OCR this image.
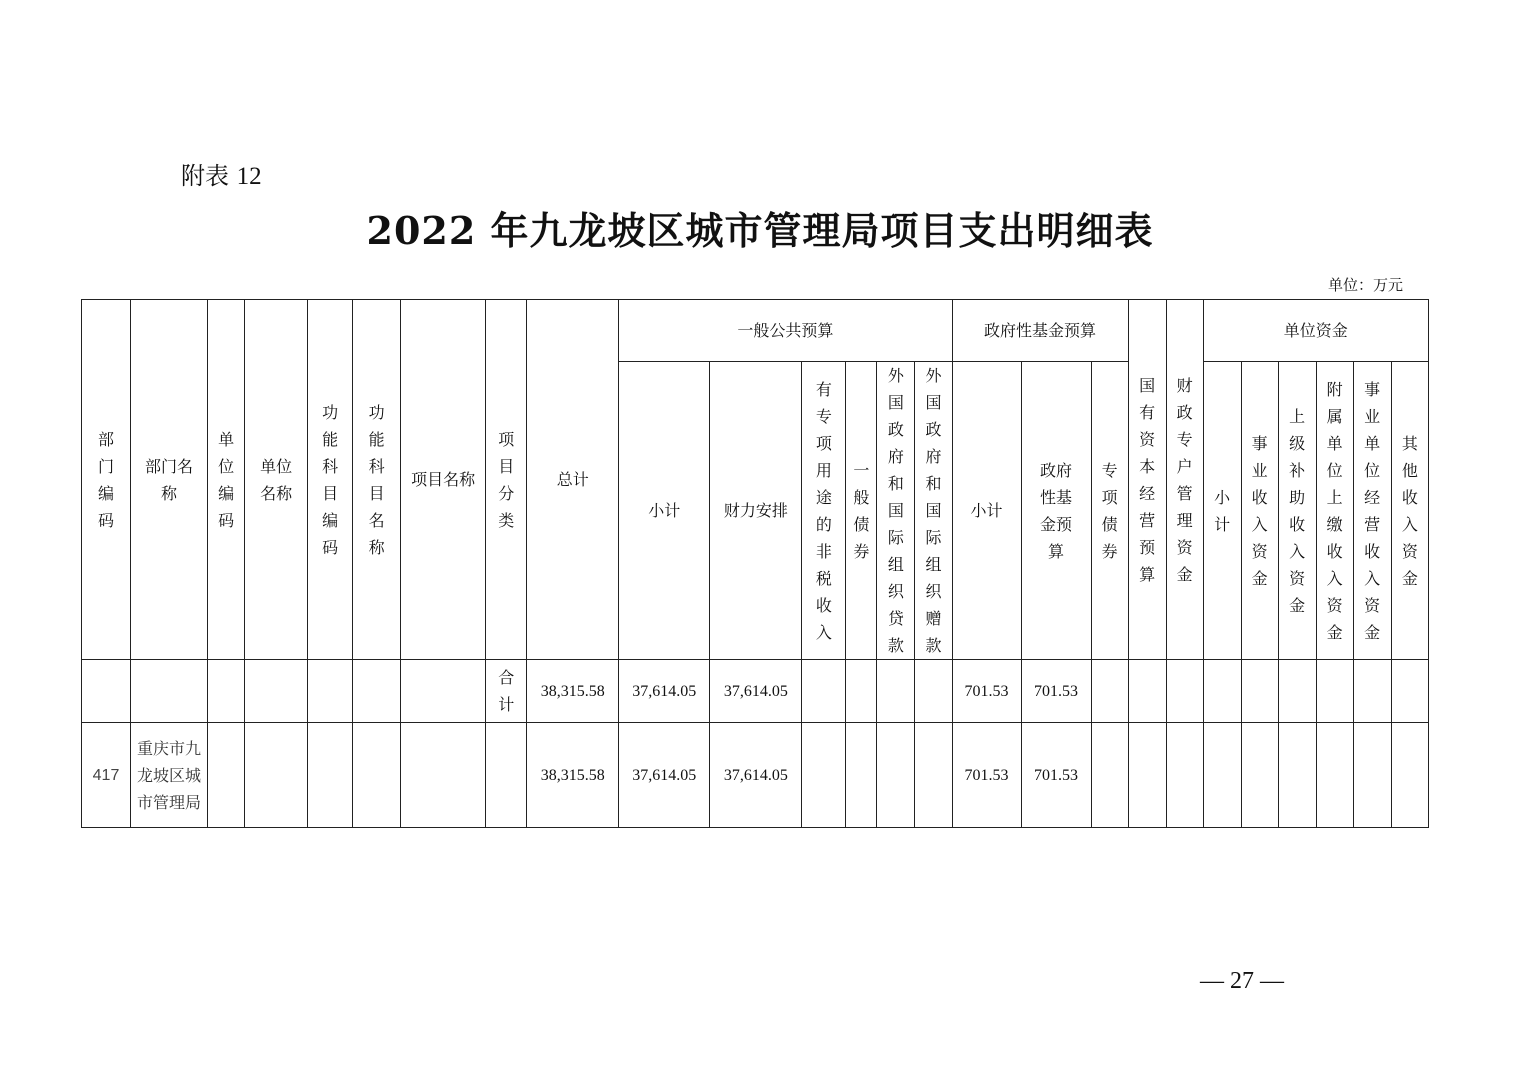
附表 12
2022 年九龙坡区城市管理局项目支出明细表
单位：万元
部门编码	部门名称	单位编码	单位名称	功能科目编码	功能科目名称	项目名称	项目分类	总计	一般公共预算						政府性基金预算			国有资本经营预算	财政专户管理资金	单位资金					
									小计	财力安排	有专项用途的非税收入	一般债券	外国政府和国际组织贷款	外国政府和国际组织赠款	小计	政府性基金预算	专项债券			小计	事业收入资金	上级补助收入资金	附属单位上缴收入资金	事业单位经营收入资金	其他收入资金
							合计	38,315.58	37,614.05	37,614.05					701.53	701.53									
417	重庆市九龙坡区城市管理局							38,315.58	37,614.05	37,614.05					701.53	701.53									
— 27 —
